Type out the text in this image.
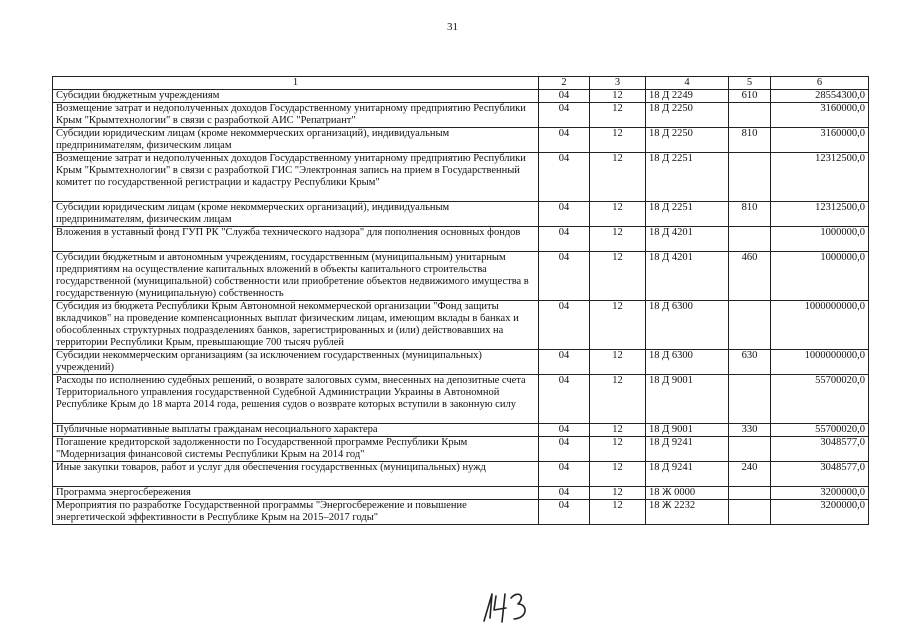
31
1	2	3	4	5	6
Субсидии бюджетным учреждениям	04	12	18 Д 2249	610	28554300,0
Возмещение затрат и недополученных доходов Государственному унитарному предприятию Республики Крым "Крымтехнологии" в связи с разработкой АИС "Репатриант"	04	12	18 Д 2250		3160000,0
Субсидии юридическим лицам (кроме некоммерческих организаций), индивидуальным предпринимателям, физическим лицам	04	12	18 Д 2250	810	3160000,0
Возмещение затрат и недополученных доходов Государственному унитарному предприятию Республики Крым "Крымтехнологии" в связи с разработкой ГИС "Электронная запись на прием в Государственный комитет по государственной регистрации и кадастру Республики Крым"	04	12	18 Д 2251		12312500,0
Субсидии юридическим лицам (кроме некоммерческих организаций), индивидуальным предпринимателям, физическим лицам	04	12	18 Д 2251	810	12312500,0
Вложения в уставный фонд ГУП РК "Служба технического надзора" для пополнения основных фондов	04	12	18 Д 4201		1000000,0
Субсидии бюджетным и автономным учреждениям, государственным (муниципальным) унитарным предприятиям на осуществление капитальных вложений в объекты капитального строительства государственной (муниципальной) собственности или приобретение объектов недвижимого имущества в государственную (муниципальную) собственность	04	12	18 Д 4201	460	1000000,0
Субсидия из бюджета Республики Крым Автономной некоммерческой организации "Фонд защиты вкладчиков" на проведение компенсационных выплат физическим лицам, имеющим вклады в банках и обособленных структурных подразделениях банков, зарегистрированных и (или) действовавших на территории Республики Крым, превышающие 700 тысяч рублей	04	12	18 Д 6300		1000000000,0
Субсидии некоммерческим организациям (за исключением государственных (муниципальных) учреждений)	04	12	18 Д 6300	630	1000000000,0
Расходы по исполнению судебных решений, о возврате залоговых сумм, внесенных на депозитные счета Территориального управления государственной Судебной Администрации Украины в Автономной Республике Крым до 18 марта 2014 года, решения судов о возврате которых вступили в законную силу	04	12	18 Д 9001		55700020,0
Публичные нормативные выплаты гражданам несоциального характера	04	12	18 Д 9001	330	55700020,0
Погашение кредиторской задолженности по Государственной программе Республики Крым "Модернизация финансовой системы Республики Крым на 2014 год"	04	12	18 Д 9241		3048577,0
Иные закупки товаров, работ и услуг для обеспечения государственных (муниципальных) нужд	04	12	18 Д 9241	240	3048577,0
Программа энергосбережения	04	12	18 Ж 0000		3200000,0
Мероприятия по разработке Государственной программы "Энергосбережение и повышение энергетической эффективности в Республике Крым на 2015–2017 годы"	04	12	18 Ж 2232		3200000,0
